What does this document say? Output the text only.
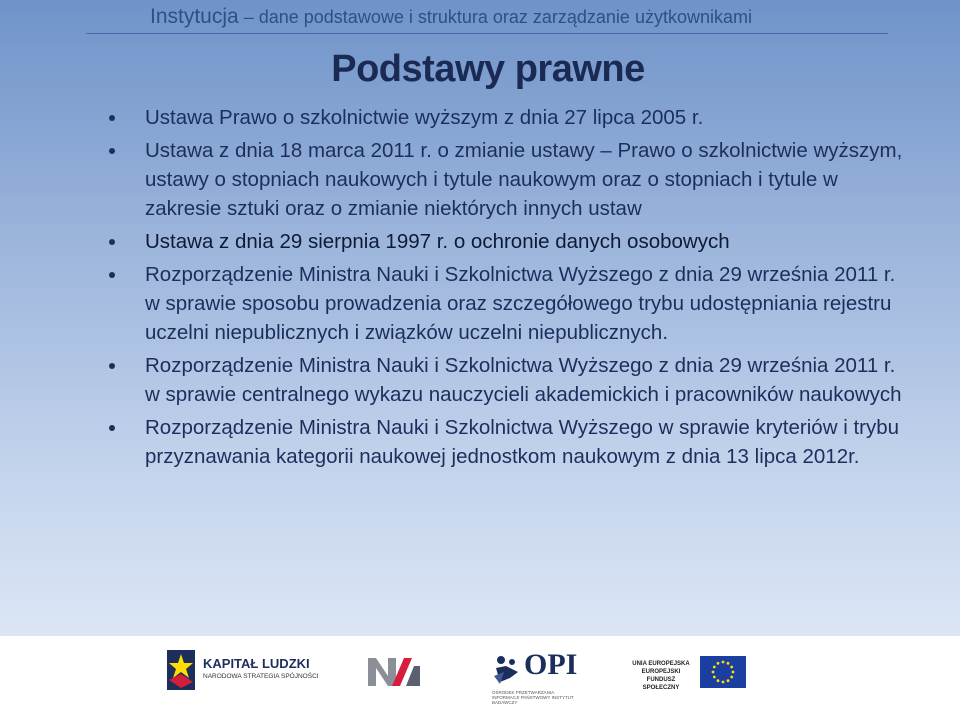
Instytucja – dane podstawowe i struktura oraz zarządzanie użytkownikami
Podstawy prawne
Ustawa Prawo o szkolnictwie wyższym z dnia 27 lipca 2005 r.
Ustawa z dnia 18 marca 2011 r. o zmianie ustawy – Prawo o szkolnictwie wyższym, ustawy o stopniach naukowych i tytule naukowym oraz o stopniach i tytule w zakresie sztuki oraz o zmianie niektórych innych ustaw
Ustawa z dnia 29 sierpnia 1997 r. o ochronie danych osobowych
Rozporządzenie Ministra Nauki i Szkolnictwa Wyższego z dnia 29 września 2011 r. w sprawie sposobu prowadzenia oraz szczegółowego trybu udostępniania rejestru uczelni niepublicznych i związków uczelni niepublicznych.
Rozporządzenie Ministra Nauki i Szkolnictwa Wyższego z dnia 29 września 2011 r. w sprawie centralnego wykazu nauczycieli akademickich i pracowników naukowych
Rozporządzenie Ministra Nauki i Szkolnictwa Wyższego w sprawie kryteriów i trybu przyznawania kategorii naukowej jednostkom naukowym z dnia 13 lipca 2012r.
KAPITAŁ LUDZKI
NARODOWA STRATEGIA SPÓJNOŚCI	OPI
OŚRODEK PRZETWARZANIA INFORMACJI PAŃSTWOWY INSTYTUT BADAWCZY
UNIA EUROPEJSKA
EUROPEJSKI
FUNDUSZ SPOŁECZNY
